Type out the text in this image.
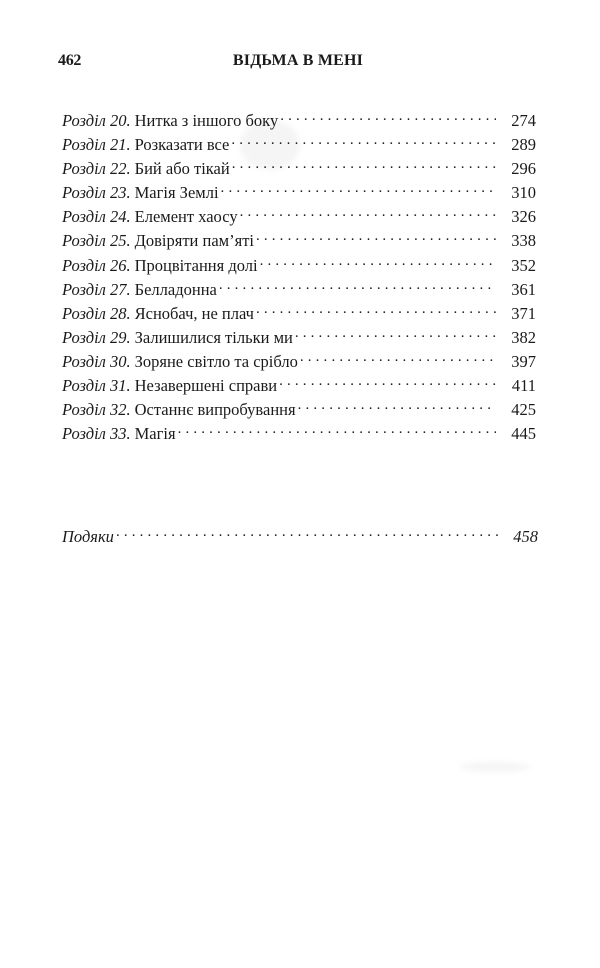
462	ВІДЬМА В МЕНІ
Розділ 20. Нитка з іншого боку . . .	274
Розділ 21. Розказати все . . .	289
Розділ 22. Бий або тікай . . .	296
Розділ 23. Магія Землі . . .	310
Розділ 24. Елемент хаосу . . .	326
Розділ 25. Довіряти пам’яті . . .	338
Розділ 26. Процвітання долі . . .	352
Розділ 27. Белладонна . . .	361
Розділ 28. Яснобач, не плач . . .	371
Розділ 29. Залишилися тільки ми . . .	382
Розділ 30. Зоряне світло та срібло . . .	397
Розділ 31. Незавершені справи . . .	411
Розділ 32. Останнє випробування . . .	425
Розділ 33. Магія . . .	445
Подяки . . .	458
